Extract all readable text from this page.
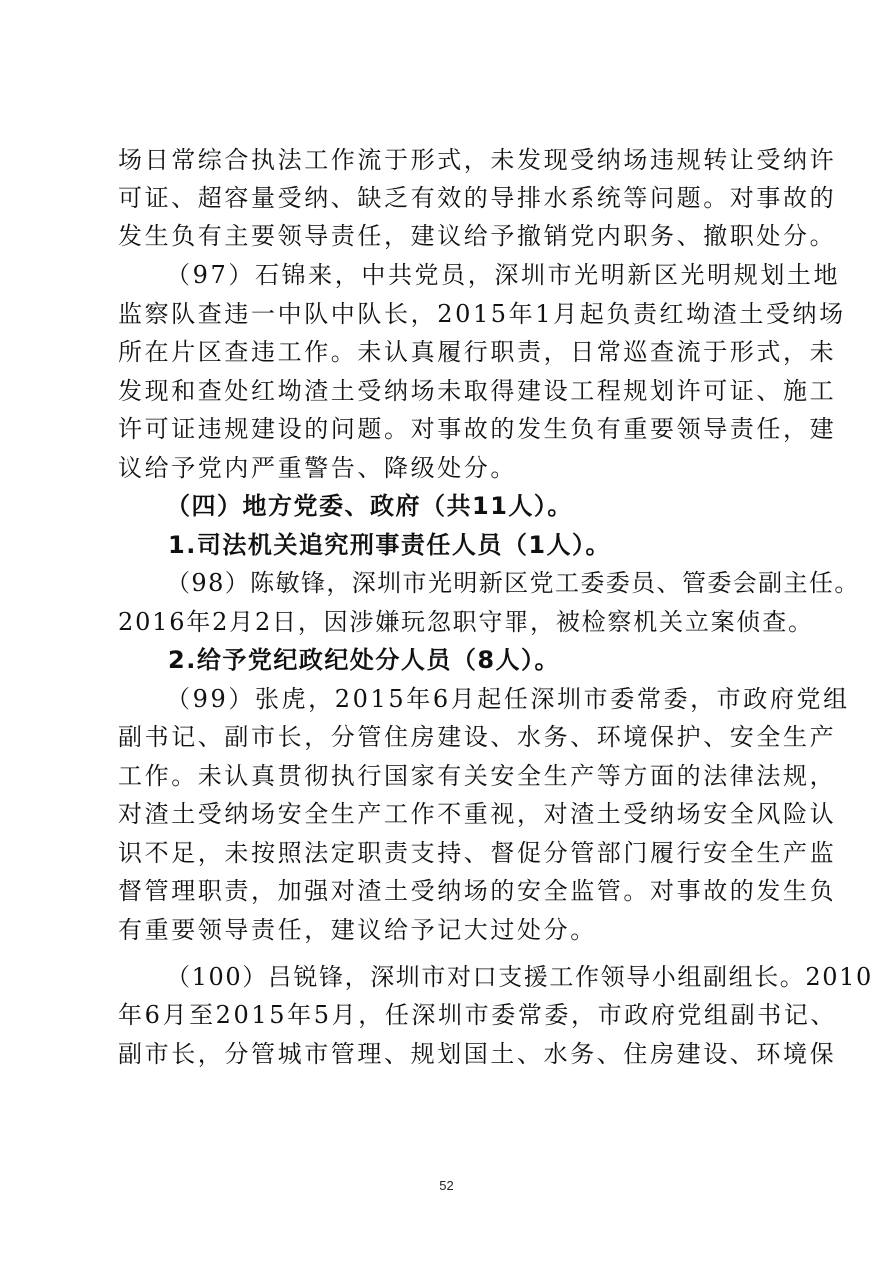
场日常综合执法工作流于形式，未发现受纳场违规转让受纳许
可证、超容量受纳、缺乏有效的导排水系统等问题。对事故的
发生负有主要领导责任，建议给予撤销党内职务、撤职处分。
（97）石锦来，中共党员，深圳市光明新区光明规划土地
监察队查违一中队中队长，2015年1月起负责红坳渣土受纳场
所在片区查违工作。未认真履行职责，日常巡查流于形式，未
发现和查处红坳渣土受纳场未取得建设工程规划许可证、施工
许可证违规建设的问题。对事故的发生负有重要领导责任，建
议给予党内严重警告、降级处分。
（四）地方党委、政府（共11人）。
1.司法机关追究刑事责任人员（1人）。
（98）陈敏锋，深圳市光明新区党工委委员、管委会副主任。
2016年2月2日，因涉嫌玩忽职守罪，被检察机关立案侦查。
2.给予党纪政纪处分人员（8人）。
（99）张虎，2015年6月起任深圳市委常委，市政府党组
副书记、副市长，分管住房建设、水务、环境保护、安全生产
工作。未认真贯彻执行国家有关安全生产等方面的法律法规，
对渣土受纳场安全生产工作不重视，对渣土受纳场安全风险认
识不足，未按照法定职责支持、督促分管部门履行安全生产监
督管理职责，加强对渣土受纳场的安全监管。对事故的发生负
有重要领导责任，建议给予记大过处分。
（100）吕锐锋，深圳市对口支援工作领导小组副组长。2010
年6月至2015年5月，任深圳市委常委，市政府党组副书记、
副市长，分管城市管理、规划国土、水务、住房建设、环境保
52
